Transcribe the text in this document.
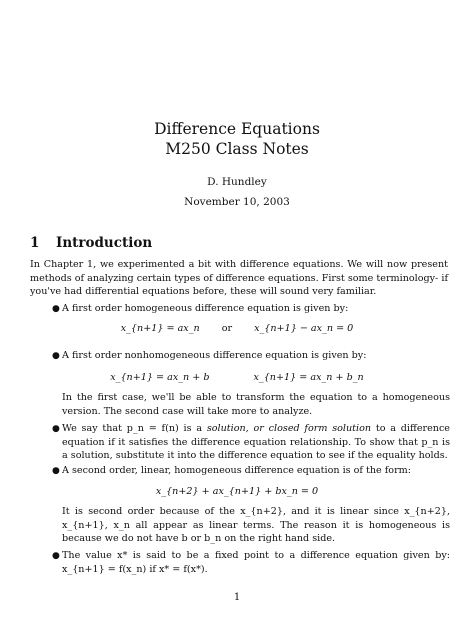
Difference Equations
M250 Class Notes
D. Hundley
November 10, 2003
1 Introduction
In Chapter 1, we experimented a bit with difference equations. We will now present methods of analyzing certain types of difference equations. First some terminology- if you've had differential equations before, these will sound very familiar.
● A first order homogeneous difference equation is given by:
x_{n+1} = ax_n or x_{n+1} − ax_n = 0
● A first order nonhomogeneous difference equation is given by:
x_{n+1} = ax_n + b	x_{n+1} = ax_n + b_n
In the first case, we'll be able to transform the equation to a homogeneous version. The second case will take more to analyze.
● We say that p_n = f(n) is a solution, or closed form solution to a difference equation if it satisfies the difference equation relationship. To show that p_n is a solution, substitute it into the difference equation to see if the equality holds.
● A second order, linear, homogeneous difference equation is of the form:
x_{n+2} + ax_{n+1} + bx_n = 0
It is second order because of the x_{n+2}, and it is linear since x_{n+2}, x_{n+1}, x_n all appear as linear terms. The reason it is homogeneous is because we do not have b or b_n on the right hand side.
● The value x* is said to be a fixed point to a difference equation given by: x_{n+1} = f(x_n) if x* = f(x*).
1
